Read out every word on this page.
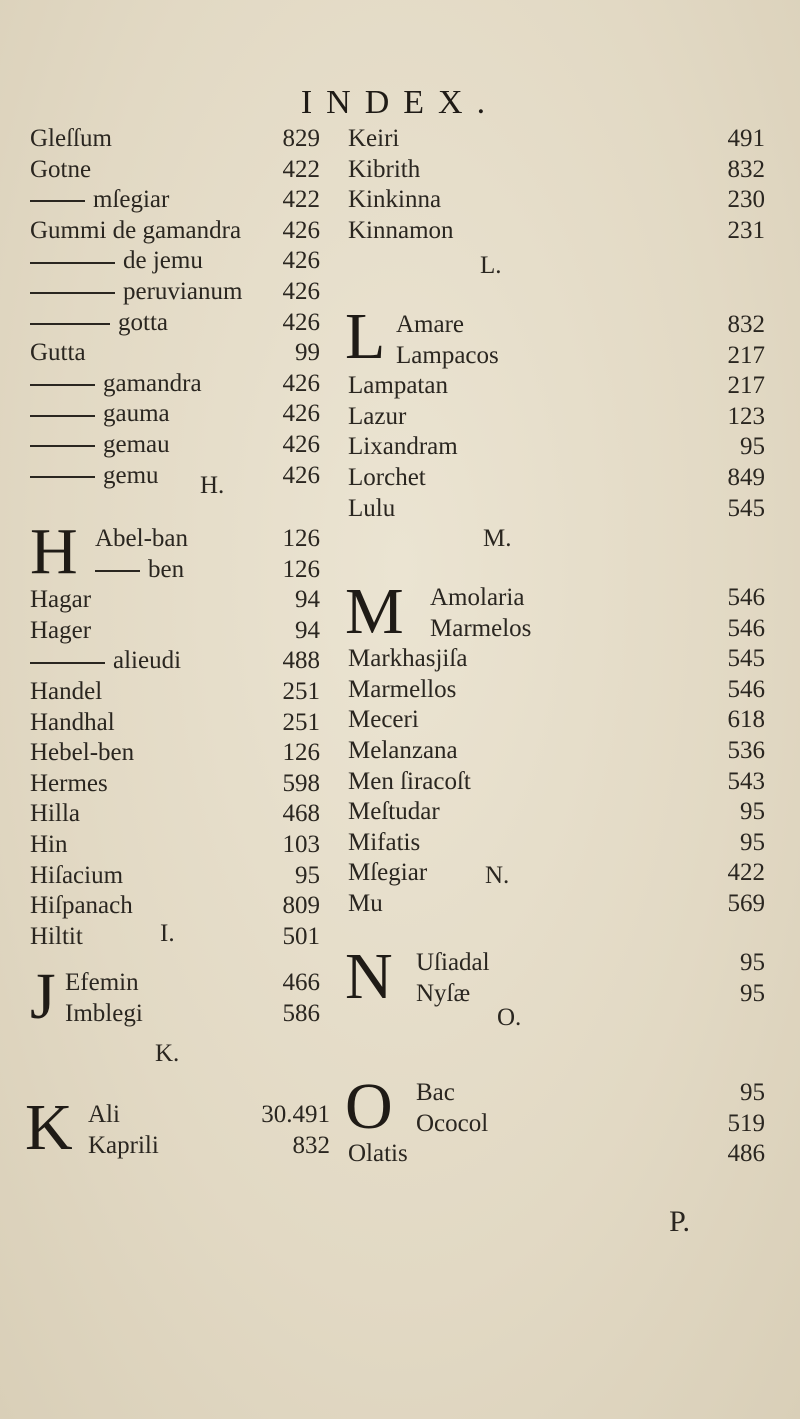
INDEX.
Gleſſum	829
Gotne	422
mſegiar	422
Gummi de gamandra 426
de jemu	426
peruvianum 426
gotta	426
Gutta	99
gamandra	426
gauma	426
gemau	426
gemu	426
H.
H Abel-ban	126
ben	126
Hagar	94
Hager	94
alieudi	488
Handel	251
Handhal	251
Hebel-ben	126
Hermes	598
Hilla	468
Hin	103
Hiſacium	95
Hiſpanach	809
Hiltit	501
I.
J Efemin	466
Imblegi	586
K.
K Ali	30.491
Kaprili	832
Keiri	491
Kibrith	832
Kinkinna	230
Kinnamon	231
L.
L Amare	832
Lampacos	217
Lampatan	217
Lazur	123
Lixandram	95
Lorchet	849
Lulu	545
M.
M Amolaria	546
Marmelos	546
Markhasjiſa	545
Marmellos	546
Meceri	618
Melanzana	536
Men ſiracoſt	543
Meſtudar	95
Mifatis	95
Mſegiar	422
Mu	569
N.
N Uſiadal	95
Nyſæ	95
O.
O Bac	95
Ococol	519
Olatis	486
P.
